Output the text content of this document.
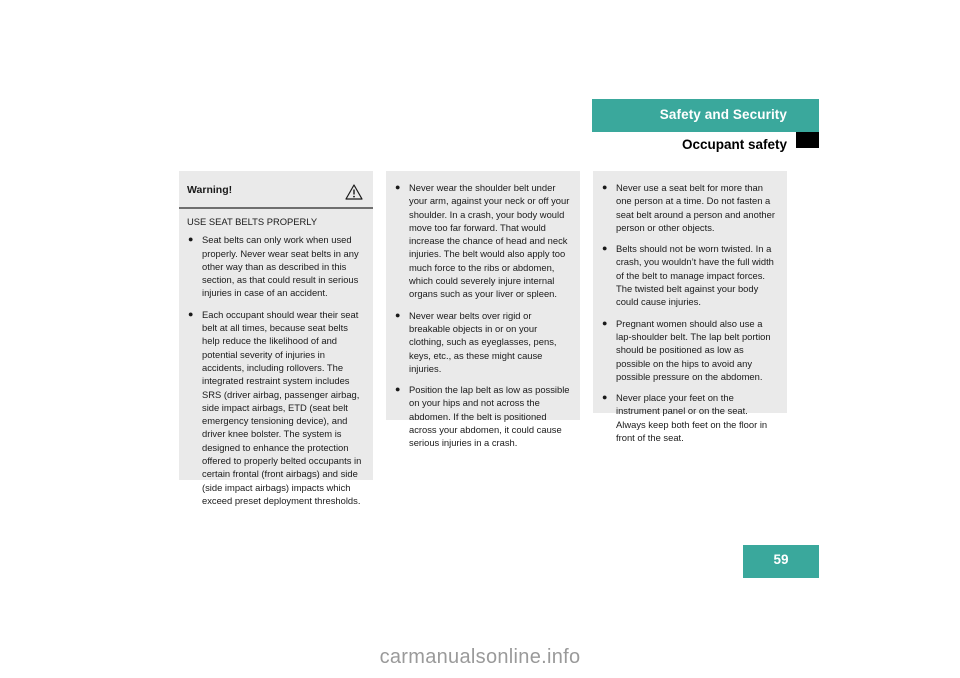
Safety and Security
Occupant safety
Warning!
USE SEAT BELTS PROPERLY
● Seat belts can only work when used properly. Never wear seat belts in any other way than as described in this section, as that could result in serious injuries in case of an accident.
● Each occupant should wear their seat belt at all times, because seat belts help reduce the likelihood of and potential severity of injuries in accidents, including rollovers. The integrated restraint system includes SRS (driver airbag, passenger airbag, side impact airbags, ETD (seat belt emergency tensioning device), and driver knee bolster. The system is designed to enhance the protection offered to properly belted occupants in certain frontal (front airbags) and side (side impact airbags) impacts which exceed preset deployment thresholds.
● Never wear the shoulder belt under your arm, against your neck or off your shoulder. In a crash, your body would move too far forward. That would increase the chance of head and neck injuries. The belt would also apply too much force to the ribs or abdomen, which could severely injure internal organs such as your liver or spleen.
● Never wear belts over rigid or breakable objects in or on your clothing, such as eyeglasses, pens, keys, etc., as these might cause injuries.
● Position the lap belt as low as possible on your hips and not across the abdomen. If the belt is positioned across your abdomen, it could cause serious injuries in a crash.
● Never use a seat belt for more than one person at a time. Do not fasten a seat belt around a person and another person or other objects.
● Belts should not be worn twisted. In a crash, you wouldn’t have the full width of the belt to manage impact forces. The twisted belt against your body could cause injuries.
● Pregnant women should also use a lap-shoulder belt. The lap belt portion should be positioned as low as possible on the hips to avoid any possible pressure on the abdomen.
● Never place your feet on the instrument panel or on the seat. Always keep both feet on the floor in front of the seat.
59
carmanualsonline.info
